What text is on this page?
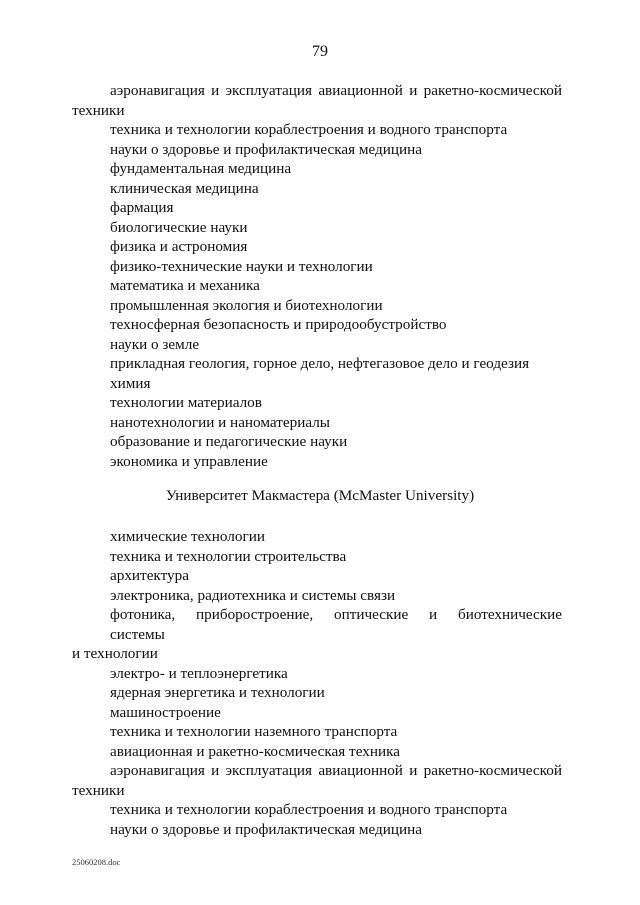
79
аэронавигация и эксплуатация авиационной и ракетно-космической
техники
техника и технологии кораблестроения и водного транспорта
науки о здоровье и профилактическая медицина
фундаментальная медицина
клиническая медицина
фармация
биологические науки
физика и астрономия
физико-технические науки и технологии
математика и механика
промышленная экология и биотехнологии
техносферная безопасность и природообустройство
науки о земле
прикладная геология, горное дело, нефтегазовое дело и геодезия
химия
технологии материалов
нанотехнологии и наноматериалы
образование и педагогические науки
экономика и управление
Университет Макмастера (McMaster University)
химические технологии
техника и технологии строительства
архитектура
электроника, радиотехника и системы связи
фотоника, приборостроение, оптические и биотехнические системы
и технологии
электро- и теплоэнергетика
ядерная энергетика и технологии
машиностроение
техника и технологии наземного транспорта
авиационная и ракетно-космическая техника
аэронавигация и эксплуатация авиационной и ракетно-космической
техники
техника и технологии кораблестроения и водного транспорта
науки о здоровье и профилактическая медицина
25060208.doc
